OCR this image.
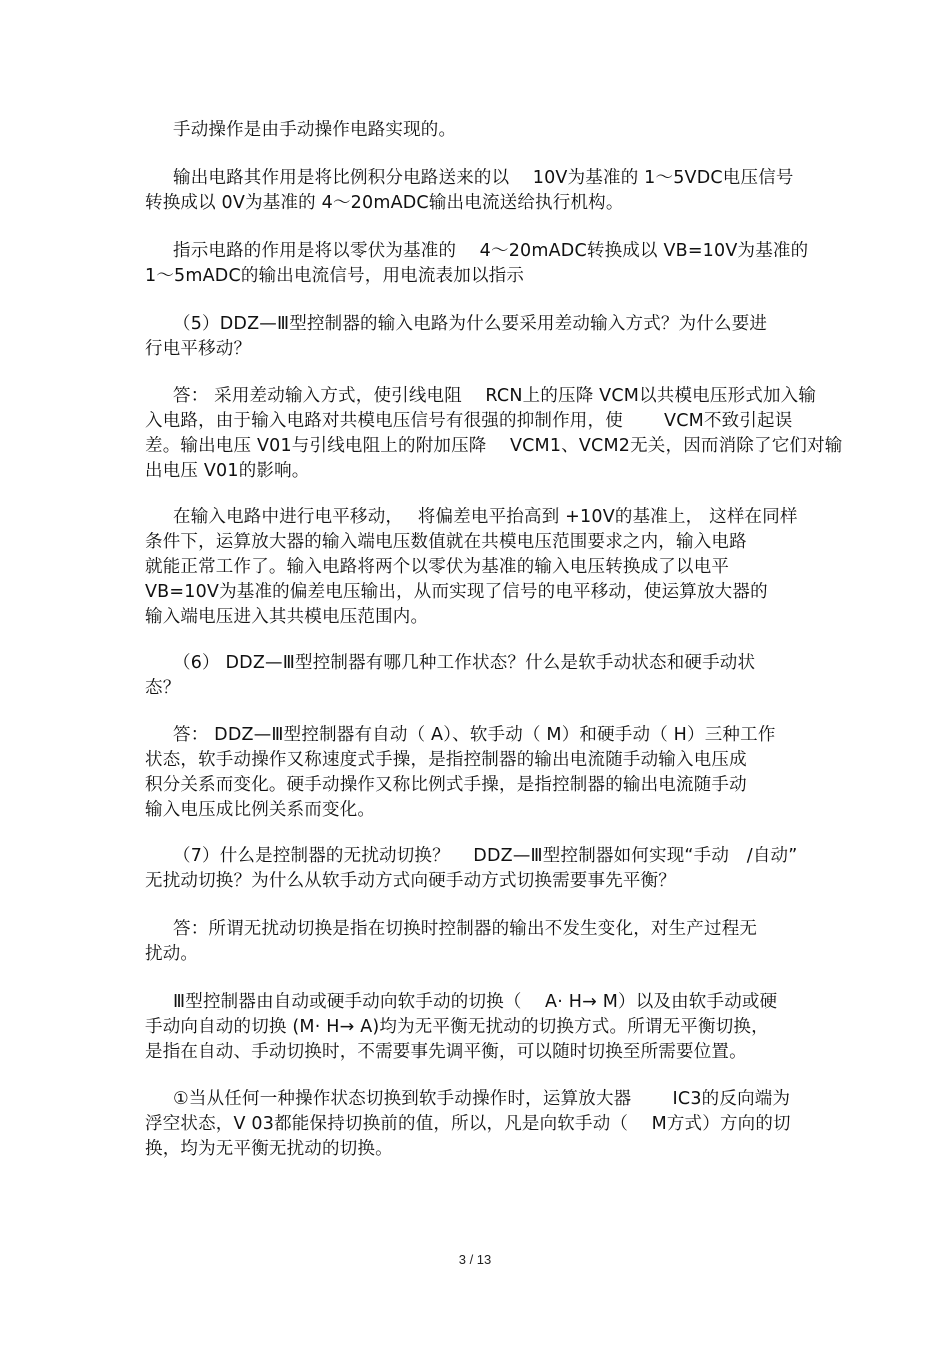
手动操作是由手动操作电路实现的。
输出电路其作用是将比例积分电路送来的以　 10V为基准的 1～5VDC电压信号
转换成以 0V为基准的 4～20mADC输出电流送给执行机构。
指示电路的作用是将以零伏为基准的　 4～20mADC转换成以 VB=10V为基准的
1～5mADC的输出电流信号，用电流表加以指示
（5）DDZ—Ⅲ型控制器的输入电路为什么要采用差动输入方式？为什么要进
行电平移动？
答： 采用差动输入方式，使引线电阻　 RCN上的压降 VCM以共模电压形式加入输
入电路，由于输入电路对共模电压信号有很强的抑制作用，使　　 VCM不致引起误
差。输出电压 V01与引线电阻上的附加压降　 VCM1、VCM2无关，因而消除了它们对输
出电压 V01的影响。
在输入电路中进行电平移动，　 将偏差电平抬高到 +10V的基准上， 这样在同样
条件下，运算放大器的输入端电压数值就在共模电压范围要求之内，输入电路
就能正常工作了。输入电路将两个以零伏为基准的输入电压转换成了以电平
VB=10V为基准的偏差电压输出，从而实现了信号的电平移动，使运算放大器的
输入端电压进入其共模电压范围内。
（6） DDZ—Ⅲ型控制器有哪几种工作状态？什么是软手动状态和硬手动状
态？
答： DDZ—Ⅲ型控制器有自动（ A）、软手动（ M）和硬手动（ H）三种工作
状态，软手动操作又称速度式手操，是指控制器的输出电流随手动输入电压成
积分关系而变化。硬手动操作又称比例式手操，是指控制器的输出电流随手动
输入电压成比例关系而变化。
（7）什么是控制器的无扰动切换？　 DDZ—Ⅲ型控制器如何实现“手动　/自动”
无扰动切换？为什么从软手动方式向硬手动方式切换需要事先平衡？
答：所谓无扰动切换是指在切换时控制器的输出不发生变化，对生产过程无
扰动。
Ⅲ型控制器由自动或硬手动向软手动的切换（　 A· H→ M）以及由软手动或硬
手动向自动的切换 (M· H→ A)均为无平衡无扰动的切换方式。所谓无平衡切换，
是指在自动、手动切换时，不需要事先调平衡，可以随时切换至所需要位置。
①当从任何一种操作状态切换到软手动操作时，运算放大器　　 IC3的反向端为
浮空状态，V 03都能保持切换前的值，所以，凡是向软手动（　 M方式）方向的切
换，均为无平衡无扰动的切换。
3 / 13
